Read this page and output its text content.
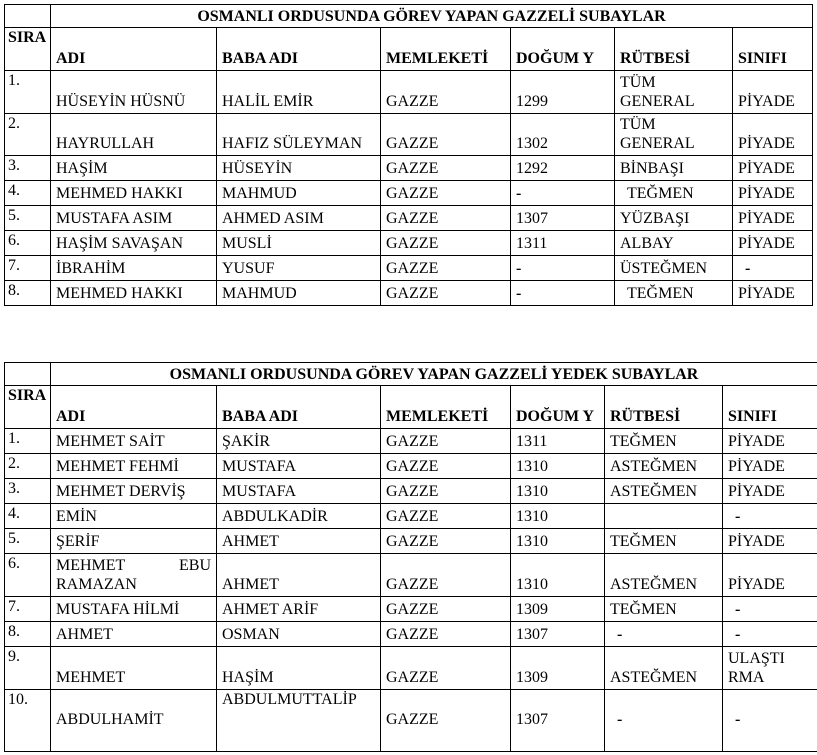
	OSMANLI ORDUSUNDA GÖREV YAPAN GAZZELİ SUBAYLAR					
SIRA	ADI	BABA ADI	MEMLEKETİ	DOĞUM Y	RÜTBESİ	SINIFI
1.	HÜSEYİN HÜSNÜ	HALİL EMİR	GAZZE	1299	TÜM GENERAL	PİYADE
2.	HAYRULLAH	HAFIZ SÜLEYMAN	GAZZE	1302	TÜM GENERAL	PİYADE
3.	HAŞİM	HÜSEYİN	GAZZE	1292	BİNBAŞI	PİYADE
4.	MEHMED HAKKI	MAHMUD	GAZZE	-	TEĞMEN	PİYADE
5.	MUSTAFA ASIM	AHMED ASIM	GAZZE	1307	YÜZBAŞI	PİYADE
6.	HAŞİM SAVAŞAN	MUSLİ	GAZZE	1311	ALBAY	PİYADE
7.	İBRAHİM	YUSUF	GAZZE	-	ÜSTEĞMEN	-
8.	MEHMED HAKKI	MAHMUD	GAZZE	-	TEĞMEN	PİYADE
	OSMANLI ORDUSUNDA GÖREV YAPAN GAZZELİ YEDEK SUBAYLAR					
SIRA	ADI	BABA ADI	MEMLEKETİ	DOĞUM Y	RÜTBESİ	SINIFI
1.	MEHMET SAİT	ŞAKİR	GAZZE	1311	TEĞMEN	PİYADE
2.	MEHMET FEHMİ	MUSTAFA	GAZZE	1310	ASTEĞMEN	PİYADE
3.	MEHMET DERVİŞ	MUSTAFA	GAZZE	1310	ASTEĞMEN	PİYADE
4.	EMİN	ABDULKADİR	GAZZE	1310		-
5.	ŞERİF	AHMET	GAZZE	1310	TEĞMEN	PİYADE
6.	MEHMET EBU RAMAZAN	AHMET	GAZZE	1310	ASTEĞMEN	PİYADE
7.	MUSTAFA HİLMİ	AHMET ARİF	GAZZE	1309	TEĞMEN	-
8.	AHMET	OSMAN	GAZZE	1307	-	-
9.	MEHMET	HAŞİM	GAZZE	1309	ASTEĞMEN	ULAŞTIRMA
10.	ABDULHAMİT	ABDULMUTTALİP	GAZZE	1307	-	-
